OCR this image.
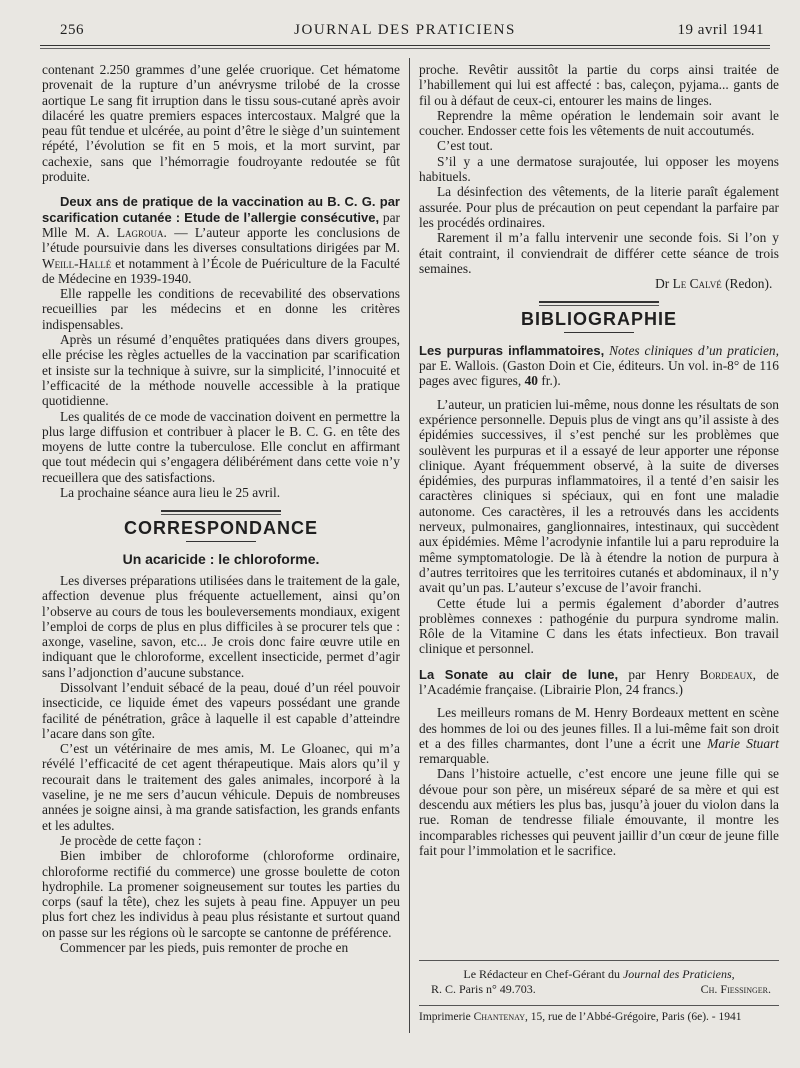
256	JOURNAL DES PRATICIENS	19 avril 1941

contenant 2.250 grammes d’une gelée cruorique. Cet hématome provenait de la rupture d’un anévrysme trilobé de la crosse aortique Le sang fit irruption dans le tissu sous-cutané après avoir dilacéré les quatre premiers espaces intercostaux. Malgré que la peau fût tendue et ulcérée, au point d’être le siège d’un suintement répété, l’évolution se fit en 5 mois, et la mort survint, par cachexie, sans que l’hémorragie foudroyante redoutée se fût produite.

Deux ans de pratique de la vaccination au B. C. G. par scarification cutanée : Etude de l’allergie consécutive, par Mlle M. A. Lagroua. — L’auteur apporte les conclusions de l’étude poursuivie dans les diverses consultations dirigées par M. Weill-Hallé et notamment à l’École de Puériculture de la Faculté de Médecine en 1939-1940.

Elle rappelle les conditions de recevabilité des observations recueillies par les médecins et en donne les critères indispensables.

Après un résumé d’enquêtes pratiquées dans divers groupes, elle précise les règles actuelles de la vaccination par scarification et insiste sur la technique à suivre, sur la simplicité, l’innocuité et l’efficacité de la méthode nouvelle accessible à la pratique quotidienne.

Les qualités de ce mode de vaccination doivent en permettre la plus large diffusion et contribuer à placer le B. C. G. en tête des moyens de lutte contre la tuberculose. Elle conclut en affirmant que tout médecin qui s’engagera délibérément dans cette voie n’y recueillera que des satisfactions.

La prochaine séance aura lieu le 25 avril.

CORRESPONDANCE
Un acaricide : le chloroforme.

Les diverses préparations utilisées dans le traitement de la gale, affection devenue plus fréquente actuellement, ainsi qu’on l’observe au cours de tous les bouleversements mondiaux, exigent l’emploi de corps de plus en plus difficiles à se procurer tels que : axonge, vaseline, savon, etc... Je crois donc faire œuvre utile en indiquant que le chloroforme, excellent insecticide, permet d’agir sans l’adjonction d’aucune substance.

Dissolvant l’enduit sébacé de la peau, doué d’un réel pouvoir insecticide, ce liquide émet des vapeurs possédant une grande facilité de pénétration, grâce à laquelle il est capable d’atteindre l’acare dans son gîte.

C’est un vétérinaire de mes amis, M. Le Gloanec, qui m’a révélé l’efficacité de cet agent thérapeutique. Mais alors qu’il y recourait dans le traitement des gales animales, incorporé à la vaseline, je ne me sers d’aucun véhicule. Depuis de nombreuses années je soigne ainsi, à ma grande satisfaction, les grands enfants et les adultes.

Je procède de cette façon :

Bien imbiber de chloroforme (chloroforme ordinaire, chloroforme rectifié du commerce) une grosse boulette de coton hydrophile. La promener soigneusement sur toutes les parties du corps (sauf la tête), chez les sujets à peau fine. Appuyer un peu plus fort chez les individus à peau plus résistante et surtout quand on passe sur les régions où le sarcopte se cantonne de préférence.

Commencer par les pieds, puis remonter de proche en

proche. Revêtir aussitôt la partie du corps ainsi traitée de l’habillement qui lui est affecté : bas, caleçon, pyjama... gants de fil ou à défaut de ceux-ci, entourer les mains de linges.

Reprendre la même opération le lendemain soir avant le coucher. Endosser cette fois les vêtements de nuit accoutumés.

C’est tout.

S’il y a une dermatose surajoutée, lui opposer les moyens habituels.

La désinfection des vêtements, de la literie paraît également assurée. Pour plus de précaution on peut cependant la parfaire par les procédés ordinaires.

Rarement il m’a fallu intervenir une seconde fois. Si l’on y était contraint, il conviendrait de différer cette séance de trois semaines.

Dr Le Calvé (Redon).

BIBLIOGRAPHIE

Les purpuras inflammatoires, Notes cliniques d’un praticien, par E. Wallois. (Gaston Doin et Cie, éditeurs. Un vol. in-8° de 116 pages avec figures, 40 fr.).

L’auteur, un praticien lui-même, nous donne les résultats de son expérience personnelle. Depuis plus de vingt ans qu’il assiste à des épidémies successives, il s’est penché sur les problèmes que soulèvent les purpuras et il a essayé de leur apporter une réponse clinique. Ayant fréquemment observé, à la suite de diverses épidémies, des purpuras inflammatoires, il a tenté d’en saisir les caractères cliniques si spéciaux, qui en font une maladie autonome. Ces caractères, il les a retrouvés dans les accidents nerveux, pulmonaires, ganglionnaires, intestinaux, qui succèdent aux épidémies. Même l’acrodynie infantile lui a paru reproduire la même symptomatologie. De là à étendre la notion de purpura à d’autres territoires que les territoires cutanés et abdominaux, il n’y avait qu’un pas. L’auteur s’excuse de l’avoir franchi.

Cette étude lui a permis également d’aborder d’autres problèmes connexes : pathogénie du purpura syndrome malin. Rôle de la Vitamine C dans les états infectieux. Bon travail clinique et personnel.

La Sonate au clair de lune, par Henry Bordeaux, de l’Académie française. (Librairie Plon, 24 francs.)

Les meilleurs romans de M. Henry Bordeaux mettent en scène des hommes de loi ou des jeunes filles. Il a lui-même fait son droit et a des filles charmantes, dont l’une a écrit une Marie Stuart remarquable.

Dans l’histoire actuelle, c’est encore une jeune fille qui se dévoue pour son père, un miséreux séparé de sa mère et qui est descendu aux métiers les plus bas, jusqu’à jouer du violon dans la rue. Roman de tendresse filiale émouvante, il montre les incomparables richesses qui peuvent jaillir d’un cœur de jeune fille fait pour l’immolation et le sacrifice.

Le Rédacteur en Chef-Gérant du Journal des Praticiens,
R. C. Paris n° 49.703.	Ch. Fiessinger.
Imprimerie Chantenay, 15, rue de l’Abbé-Grégoire, Paris (6e). - 1941
